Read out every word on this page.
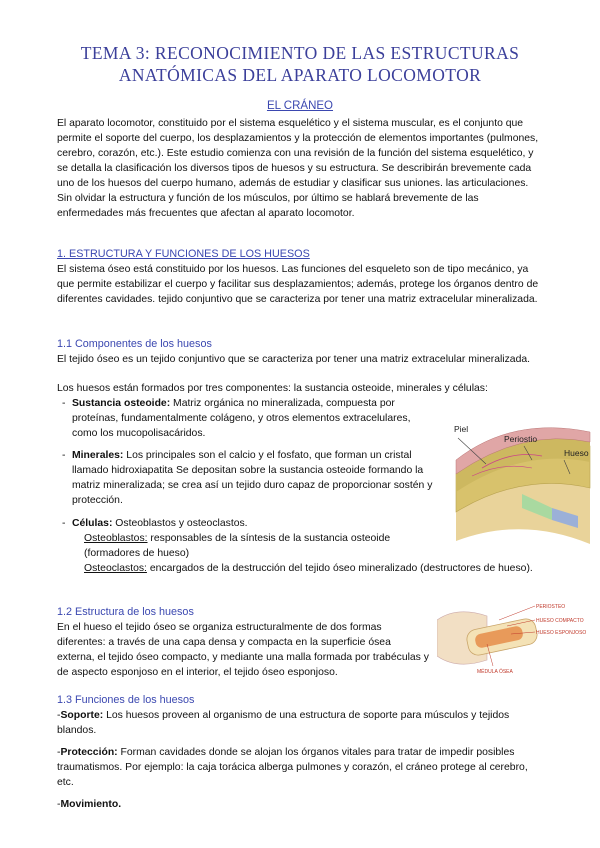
TEMA 3: RECONOCIMIENTO DE LAS ESTRUCTURAS
ANATÓMICAS DEL APARATO LOCOMOTOR
EL CRÁNEO
El aparato locomotor, constituido por el sistema esquelético y el sistema muscular, es el conjunto que permite el soporte del cuerpo, los desplazamientos y la protección de elementos importantes (pulmones, cerebro, corazón, etc.). Este estudio comienza con una revisión de la función del sistema esquelético, y se detalla la clasificación los diversos tipos de huesos y su estructura. Se describirán brevemente cada uno de los huesos del cuerpo humano, además de estudiar y clasificar sus uniones. las articulaciones. Sin olvidar la estructura y función de los músculos, por último se hablará brevemente de las enfermedades más frecuentes que afectan al aparato locomotor.
1. ESTRUCTURA Y FUNCIONES DE LOS HUESOS
El sistema óseo está constituido por los huesos. Las funciones del esqueleto son de tipo mecánico, ya que permite estabilizar el cuerpo y facilitar sus desplazamientos; además, protege los órganos dentro de diferentes cavidades. tejido conjuntivo que se caracteriza por tener una matriz extracelular mineralizada.
1.1 Componentes de los huesos
El tejido óseo es un tejido conjuntivo que se caracteriza por tener una matriz extracelular mineralizada.
Los huesos están formados por tres componentes: la sustancia osteoide, minerales y células:
- Sustancia osteoide: Matriz orgánica no mineralizada, compuesta por proteínas, fundamentalmente colágeno, y otros elementos extracelulares, como los mucopolisacáridos.
- Minerales: Los principales son el calcio y el fosfato, que forman un cristal llamado hidroxiapatita Se depositan sobre la sustancia osteoide formando la matriz mineralizada; se crea así un tejido duro capaz de proporcionar sostén y protección.
- Células: Osteoblastos y osteoclastos.
Osteoblastos: responsables de la síntesis de la sustancia osteoide (formadores de hueso)
Osteoclastos: encargados de la destrucción del tejido óseo mineralizado (destructores de hueso).
Piel
Periostio
Hueso
PERIOSTEO
HUESO COMPACTO
HUESO ESPONJOSO
MÉDULA ÓSEA
1.2 Estructura de los huesos
En el hueso el tejido óseo se organiza estructuralmente de dos formas diferentes: a través de una capa densa y compacta en la superficie ósea externa, el tejido óseo compacto, y mediante una malla formada por trabéculas y de aspecto esponjoso en el interior, el tejido óseo esponjoso.
1.3 Funciones de los huesos
-Soporte: Los huesos proveen al organismo de una estructura de soporte para músculos y tejidos blandos.
-Protección: Forman cavidades donde se alojan los órganos vitales para tratar de impedir posibles traumatismos. Por ejemplo: la caja torácica alberga pulmones y corazón, el cráneo protege al cerebro, etc.
-Movimiento.
